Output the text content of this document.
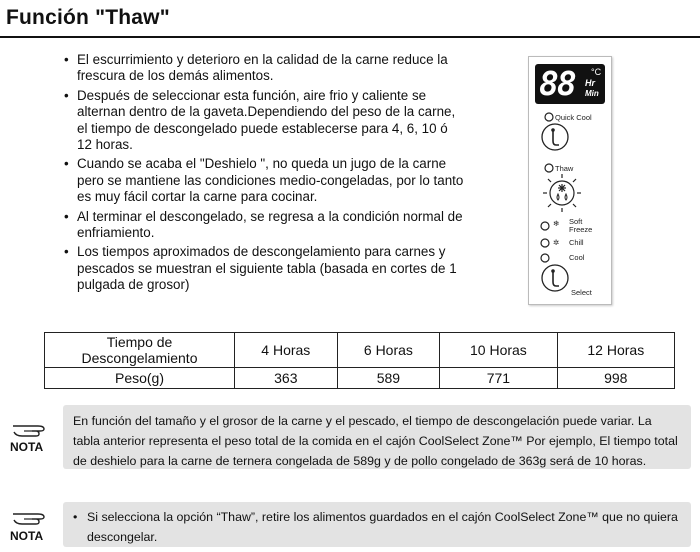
Función "Thaw"
• El escurrimiento y deterioro en la calidad de la carne reduce la frescura de los demás alimentos.
• Después de seleccionar esta función, aire frio y caliente se alternan dentro de la gaveta.Dependiendo del peso de la carne, el tiempo de descongelado puede establecerse para 4, 6, 10 ó 12 horas.
• Cuando se acaba el "Deshielo ", no queda un jugo de la carne pero se mantiene las condiciones medio-congeladas, por lo tanto es muy fácil cortar la carne para cocinar.
• Al terminar el descongelado, se regresa a la condición normal de enfriamiento.
• Los tiempos aproximados de descongelamiento para carnes y pescados se muestran el siguiente tabla (basada en cortes de 1 pulgada de grosor)
88 °C
Hr
Min
Quick Cool
Thaw
❄ Soft
Freeze
✲ Chill
Cool
Select
Tiempo de Descongelamiento	4 Horas	6 Horas	10 Horas	12 Horas
Peso(g)	363	589	771	998
NOTA
En función del tamaño y el grosor de la carne y el pescado, el tiempo de descongelación puede variar. La tabla anterior representa el peso total de la comida en el cajón CoolSelect Zone™ Por ejemplo, El tiempo total de deshielo para la carne de ternera congelada de 589g y de pollo congelado de 363g será de 10 horas.
NOTA
• Si selecciona la opción “Thaw”, retire los alimentos guardados en el cajón CoolSelect Zone™ que no quiera descongelar.
